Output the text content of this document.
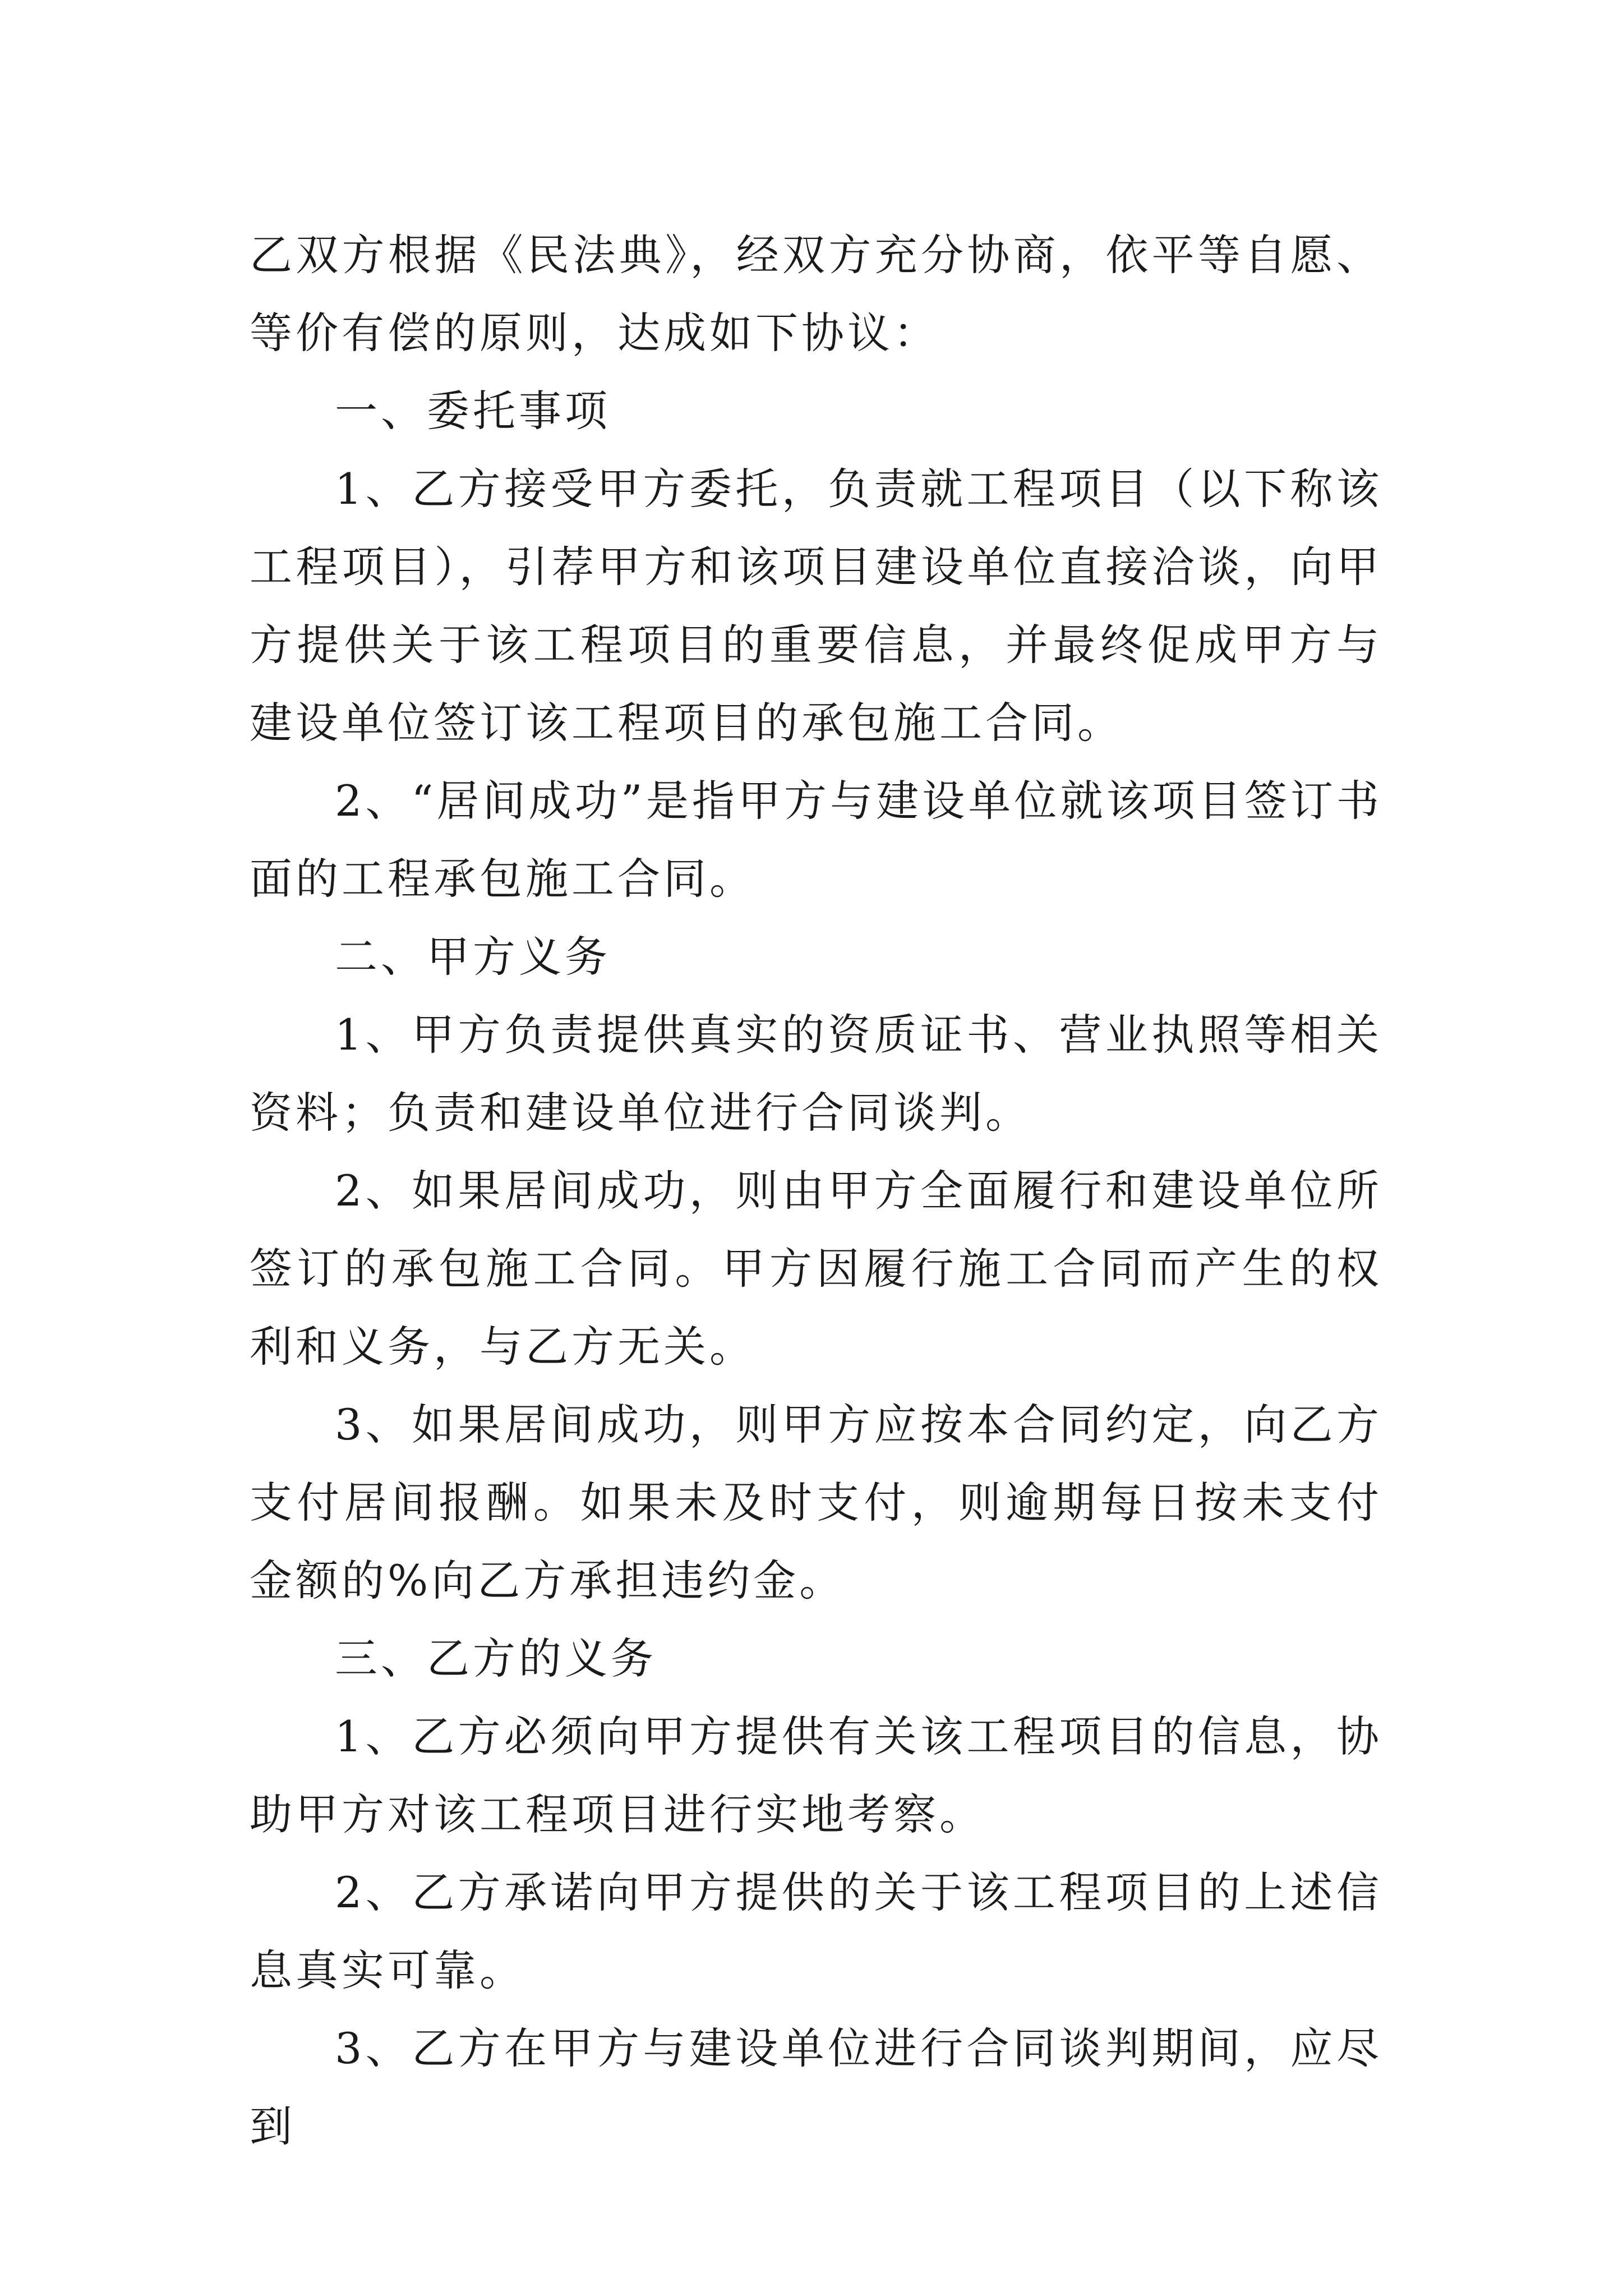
乙双方根据《民法典》，经双方充分协商，依平等自愿、等价有偿的原则，达成如下协议：

一、委托事项

1、乙方接受甲方委托，负责就工程项目（以下称该工程项目），引荐甲方和该项目建设单位直接洽谈，向甲方提供关于该工程项目的重要信息，并最终促成甲方与建设单位签订该工程项目的承包施工合同。

2、“居间成功”是指甲方与建设单位就该项目签订书面的工程承包施工合同。

二、甲方义务

1、甲方负责提供真实的资质证书、营业执照等相关资料；负责和建设单位进行合同谈判。

2、如果居间成功，则由甲方全面履行和建设单位所签订的承包施工合同。甲方因履行施工合同而产生的权利和义务，与乙方无关。

3、如果居间成功，则甲方应按本合同约定，向乙方支付居间报酬。如果未及时支付，则逾期每日按未支付金额的%向乙方承担违约金。

三、乙方的义务

1、乙方必须向甲方提供有关该工程项目的信息，协助甲方对该工程项目进行实地考察。

2、乙方承诺向甲方提供的关于该工程项目的上述信息真实可靠。

3、乙方在甲方与建设单位进行合同谈判期间，应尽到
